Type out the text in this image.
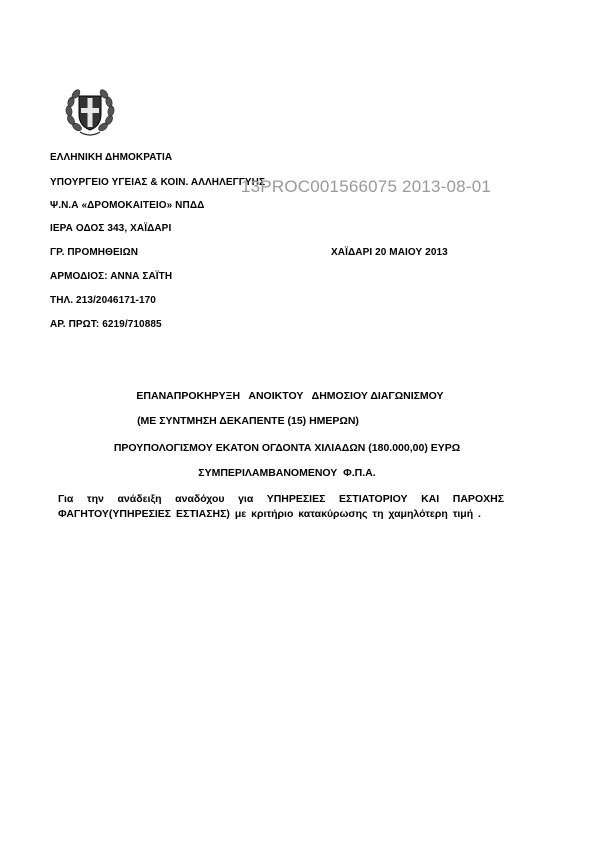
ΕΛΛΗΝΙΚΗ ΔΗΜΟΚΡΑΤΙΑ
ΥΠΟΥΡΓΕΙΟ ΥΓΕΙΑΣ & ΚΟΙΝ. ΑΛΛΗΛΕΓΓΥΗΣ
13PROC001566075 2013-08-01
Ψ.Ν.Α «ΔΡΟΜΟΚΑΙΤΕΙΟ» ΝΠΔΔ
ΙΕΡΑ ΟΔΟΣ 343, ΧΑΪΔΑΡΙ
ΓΡ. ΠΡΟΜΗΘΕΙΩΝ	ΧΑΪΔΑΡΙ 20 ΜΑΙΟΥ 2013
ΑΡΜΟΔΙΟΣ: ΑΝΝΑ ΣΑΪΤΗ
ΤΗΛ. 213/2046171-170
ΑΡ. ΠΡΩΤ: 6219/710885
ΕΠΑΝΑΠΡΟΚΗΡΥΞΗ   ΑΝΟΙΚΤΟΥ   ΔΗΜΟΣΙΟΥ ΔΙΑΓΩΝΙΣΜΟΥ
(ΜΕ ΣΥΝΤΜΗΣΗ ΔΕΚΑΠΕΝΤΕ (15) ΗΜΕΡΩΝ)
ΠΡΟΥΠΟΛΟΓΙΣΜΟΥ ΕΚΑΤΟΝ ΟΓΔΟΝΤΑ ΧΙΛΙΑΔΩΝ (180.000,00) ΕΥΡΩ
ΣΥΜΠΕΡΙΛΑΜΒΑΝΟΜΕΝΟΥ  Φ.Π.Α.
Για την ανάδειξη αναδόχου για ΥΠΗΡΕΣΙΕΣ ΕΣΤΙΑΤΟΡΙΟΥ ΚΑΙ ΠΑΡΟΧΗΣ ΦΑΓΗΤΟΥ(ΥΠΗΡΕΣΙΕΣ ΕΣΤΙΑΣΗΣ) με κριτήριο κατακύρωσης τη χαμηλότερη τιμή .
